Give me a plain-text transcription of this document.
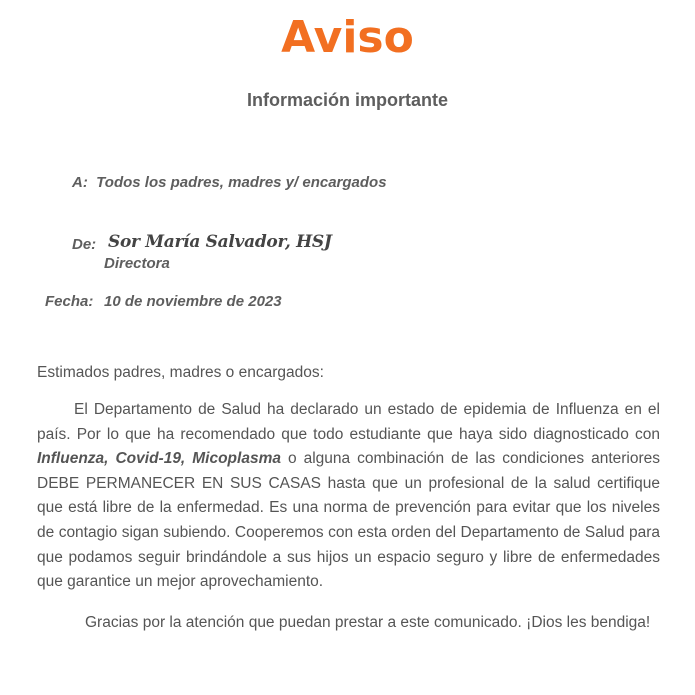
Aviso
Información importante
A: Todos los padres, madres y/ encargados
De: Sor María Salvador, HSJ
Directora
Fecha: 10 de noviembre de 2023
Estimados padres, madres o encargados:
El Departamento de Salud ha declarado un estado de epidemia de Influenza en el país. Por lo que ha recomendado que todo estudiante que haya sido diagnosticado con Influenza, Covid-19, Micoplasma o alguna combinación de las condiciones anteriores DEBE PERMANECER EN SUS CASAS hasta que un profesional de la salud certifique que está libre de la enfermedad. Es una norma de prevención para evitar que los niveles de contagio sigan subiendo. Cooperemos con esta orden del Departamento de Salud para que podamos seguir brindándole a sus hijos un espacio seguro y libre de enfermedades que garantice un mejor aprovechamiento.
Gracias por la atención que puedan prestar a este comunicado. ¡Dios les bendiga!
